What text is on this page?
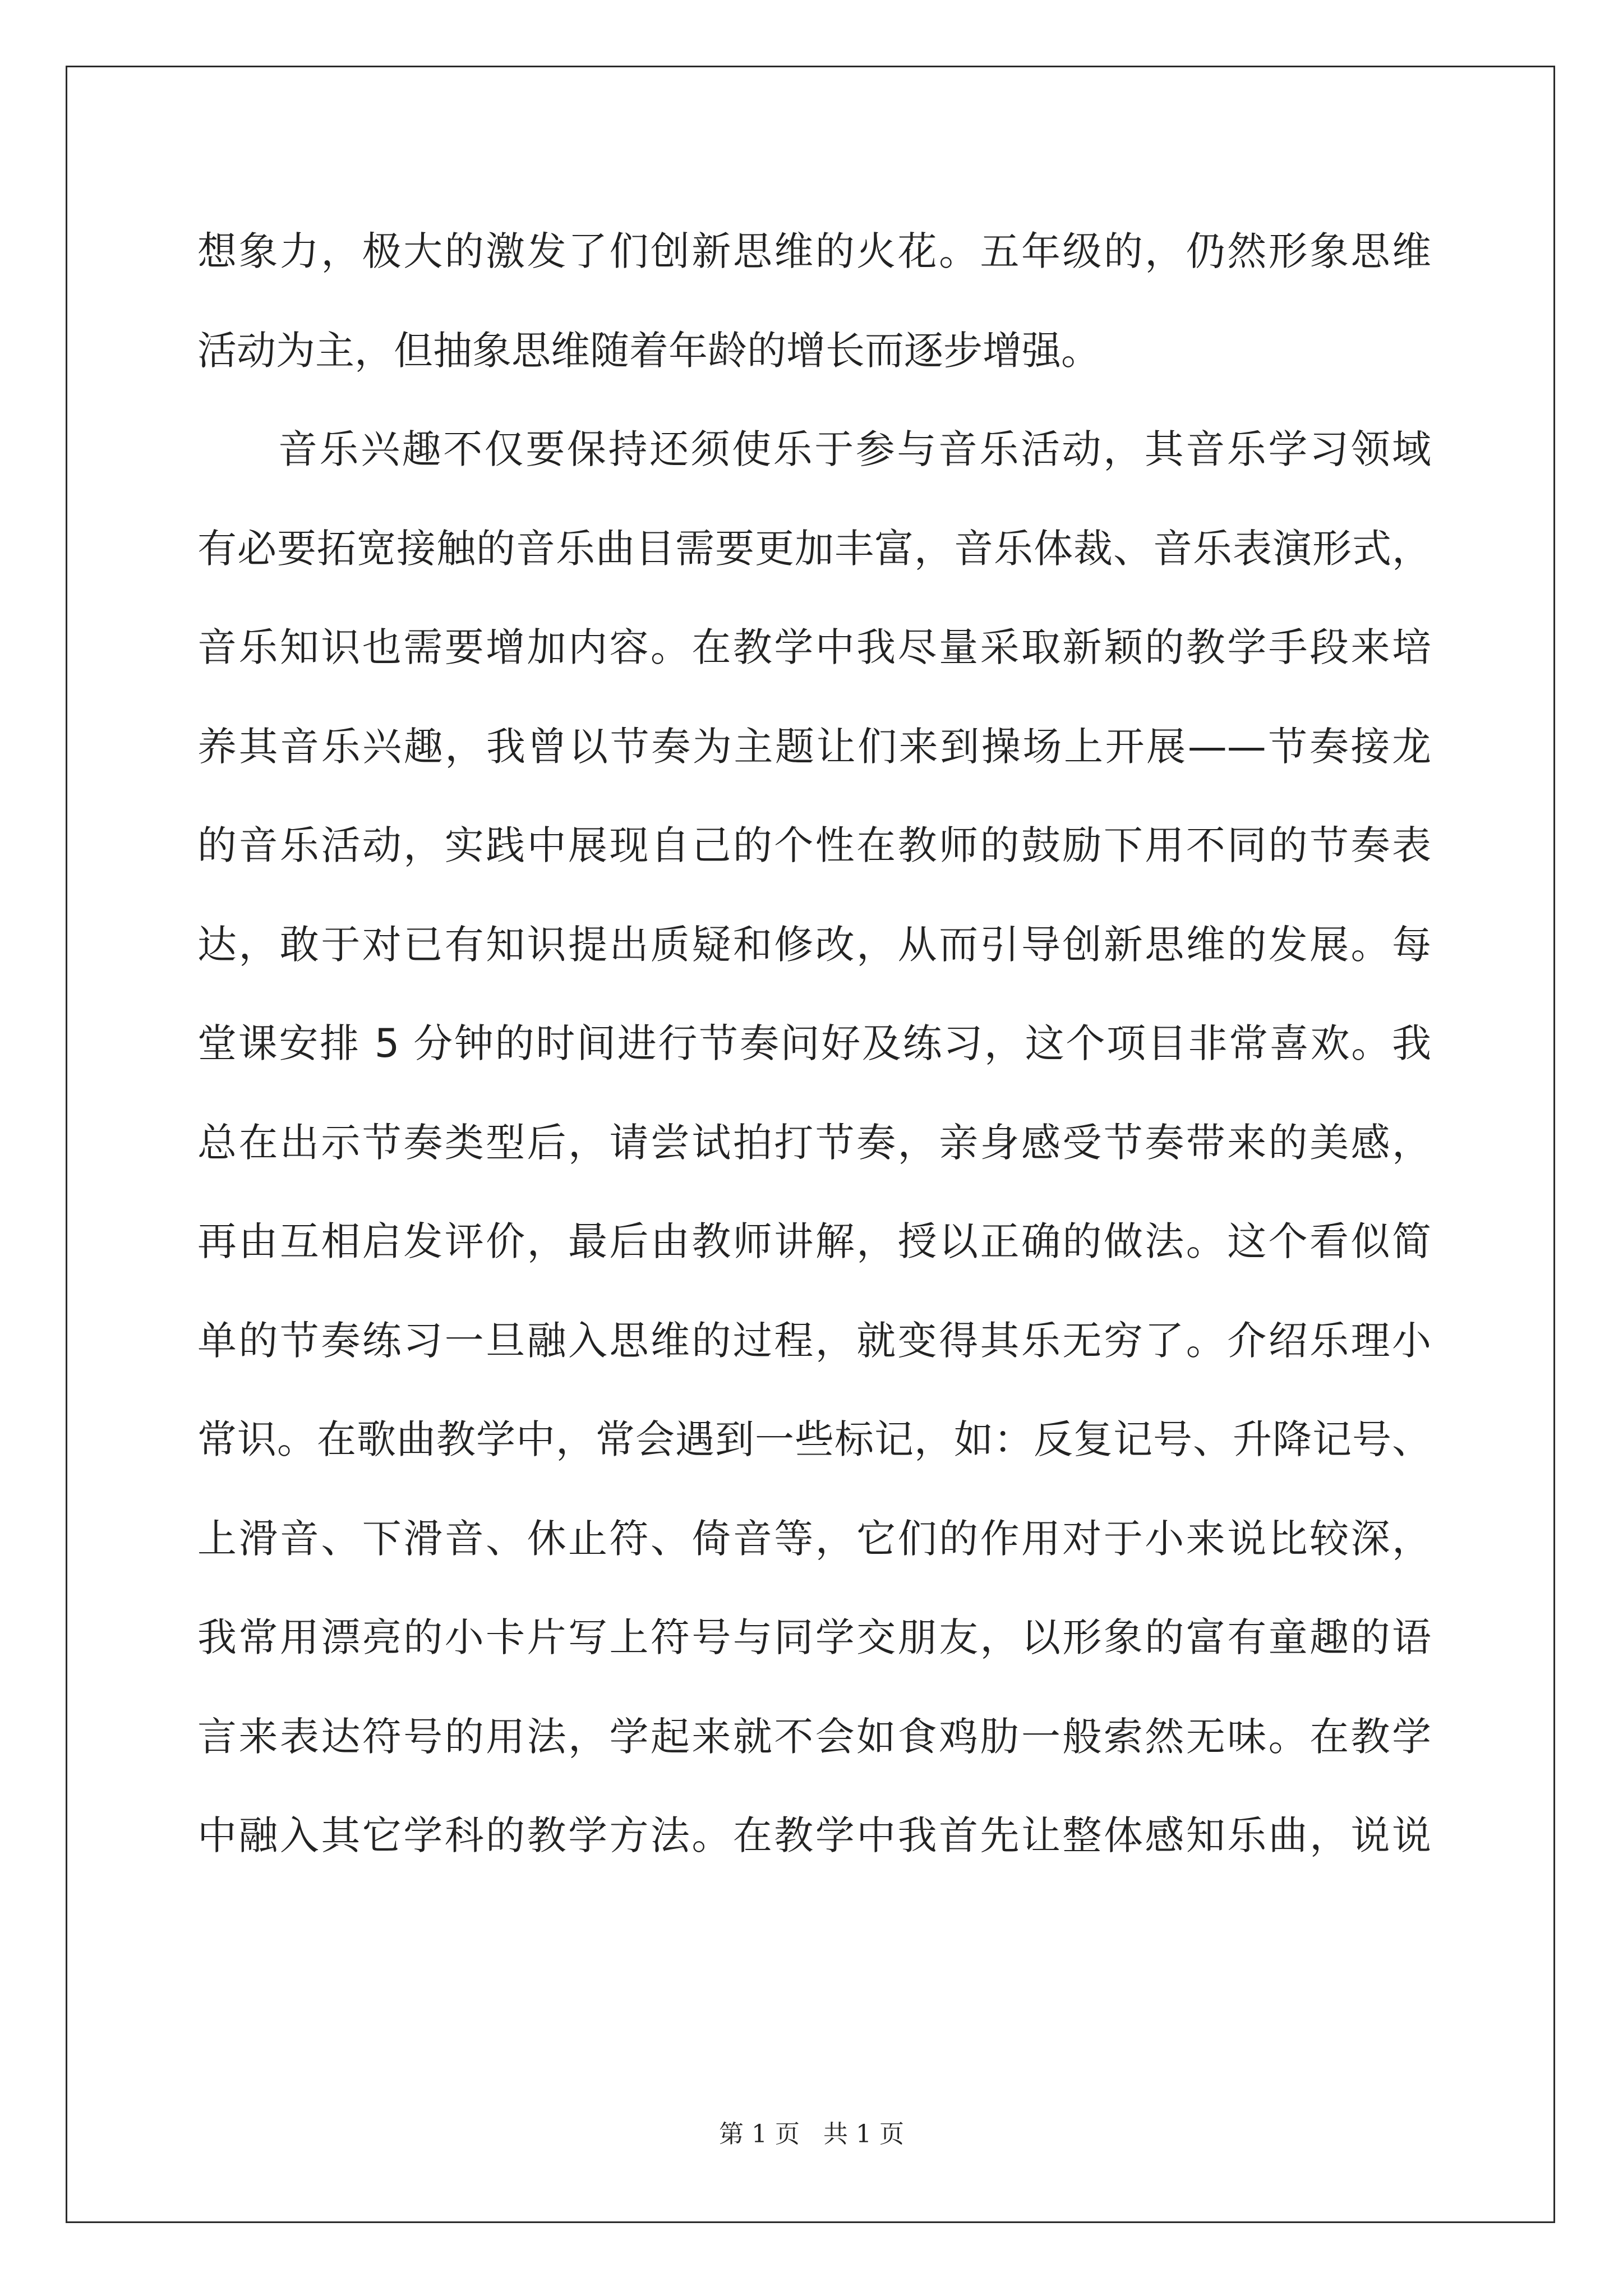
想象力，极大的激发了们创新思维的火花。五年级的，仍然形象思维
活动为主，但抽象思维随着年龄的增长而逐步增强。
音乐兴趣不仅要保持还须使乐于参与音乐活动，其音乐学习领域
有必要拓宽接触的音乐曲目需要更加丰富，音乐体裁、音乐表演形式，
音乐知识也需要增加内容。在教学中我尽量采取新颖的教学手段来培
养其音乐兴趣，我曾以节奏为主题让们来到操场上开展——节奏接龙
的音乐活动，实践中展现自己的个性在教师的鼓励下用不同的节奏表
达，敢于对已有知识提出质疑和修改，从而引导创新思维的发展。每
堂课安排 5 分钟的时间进行节奏问好及练习，这个项目非常喜欢。我
总在出示节奏类型后，请尝试拍打节奏，亲身感受节奏带来的美感，
再由互相启发评价，最后由教师讲解，授以正确的做法。这个看似简
单的节奏练习一旦融入思维的过程，就变得其乐无穷了。介绍乐理小
常识。在歌曲教学中，常会遇到一些标记，如：反复记号、升降记号、
上滑音、下滑音、休止符、倚音等，它们的作用对于小来说比较深，
我常用漂亮的小卡片写上符号与同学交朋友，以形象的富有童趣的语
言来表达符号的用法，学起来就不会如食鸡肋一般索然无味。在教学
中融入其它学科的教学方法。在教学中我首先让整体感知乐曲，说说
第 1 页   共 1 页
